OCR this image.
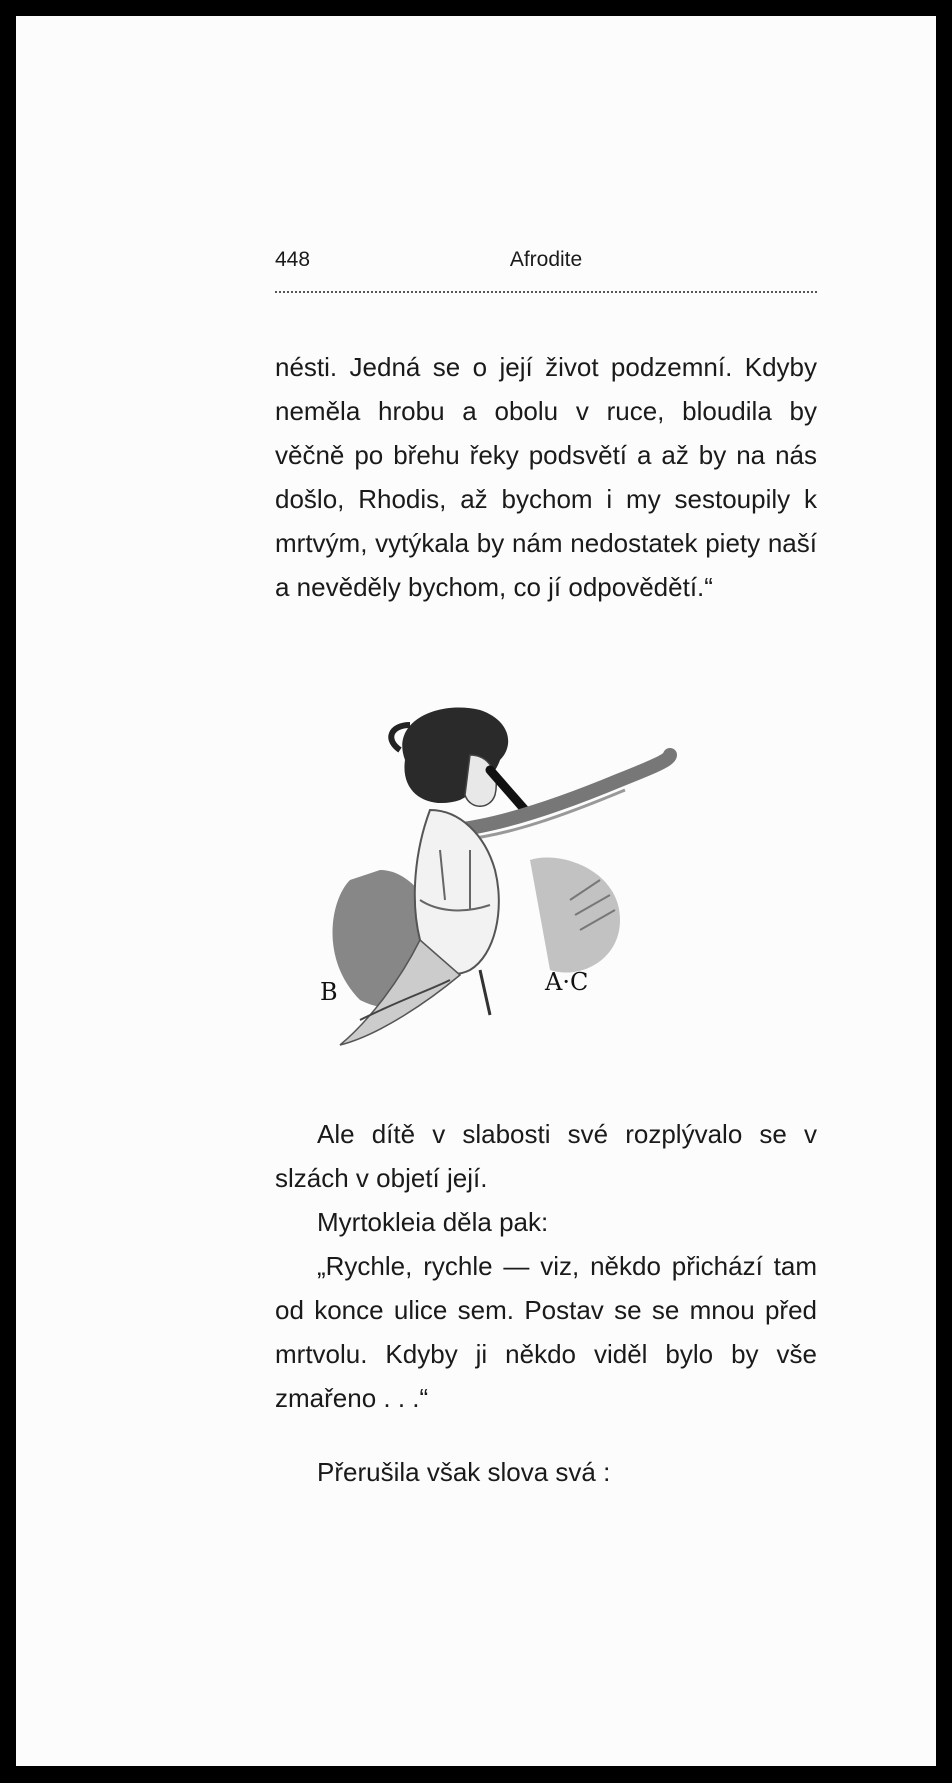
448	Afrodite

nésti. Jedná se o její život podzemní. Kdyby neměla hrobu a obolu v ruce, bloudila by věčně po břehu řeky podsvětí a až by na nás došlo, Rhodis, až bychom i my sestoupily k mrtvým, vytýkala by nám nedostatek piety naší a nevěděly bychom, co jí odpovědětí.“

B	A·C

Ale dítě v slabosti své rozplývalo se v slzách v objetí její.

Myrtokleia děla pak:

„Rychle, rychle — viz, někdo přichází tam od konce ulice sem. Postav se se mnou před mrtvolu. Kdyby ji někdo viděl bylo by vše zmařeno . . .“

Přerušila však slova svá :
